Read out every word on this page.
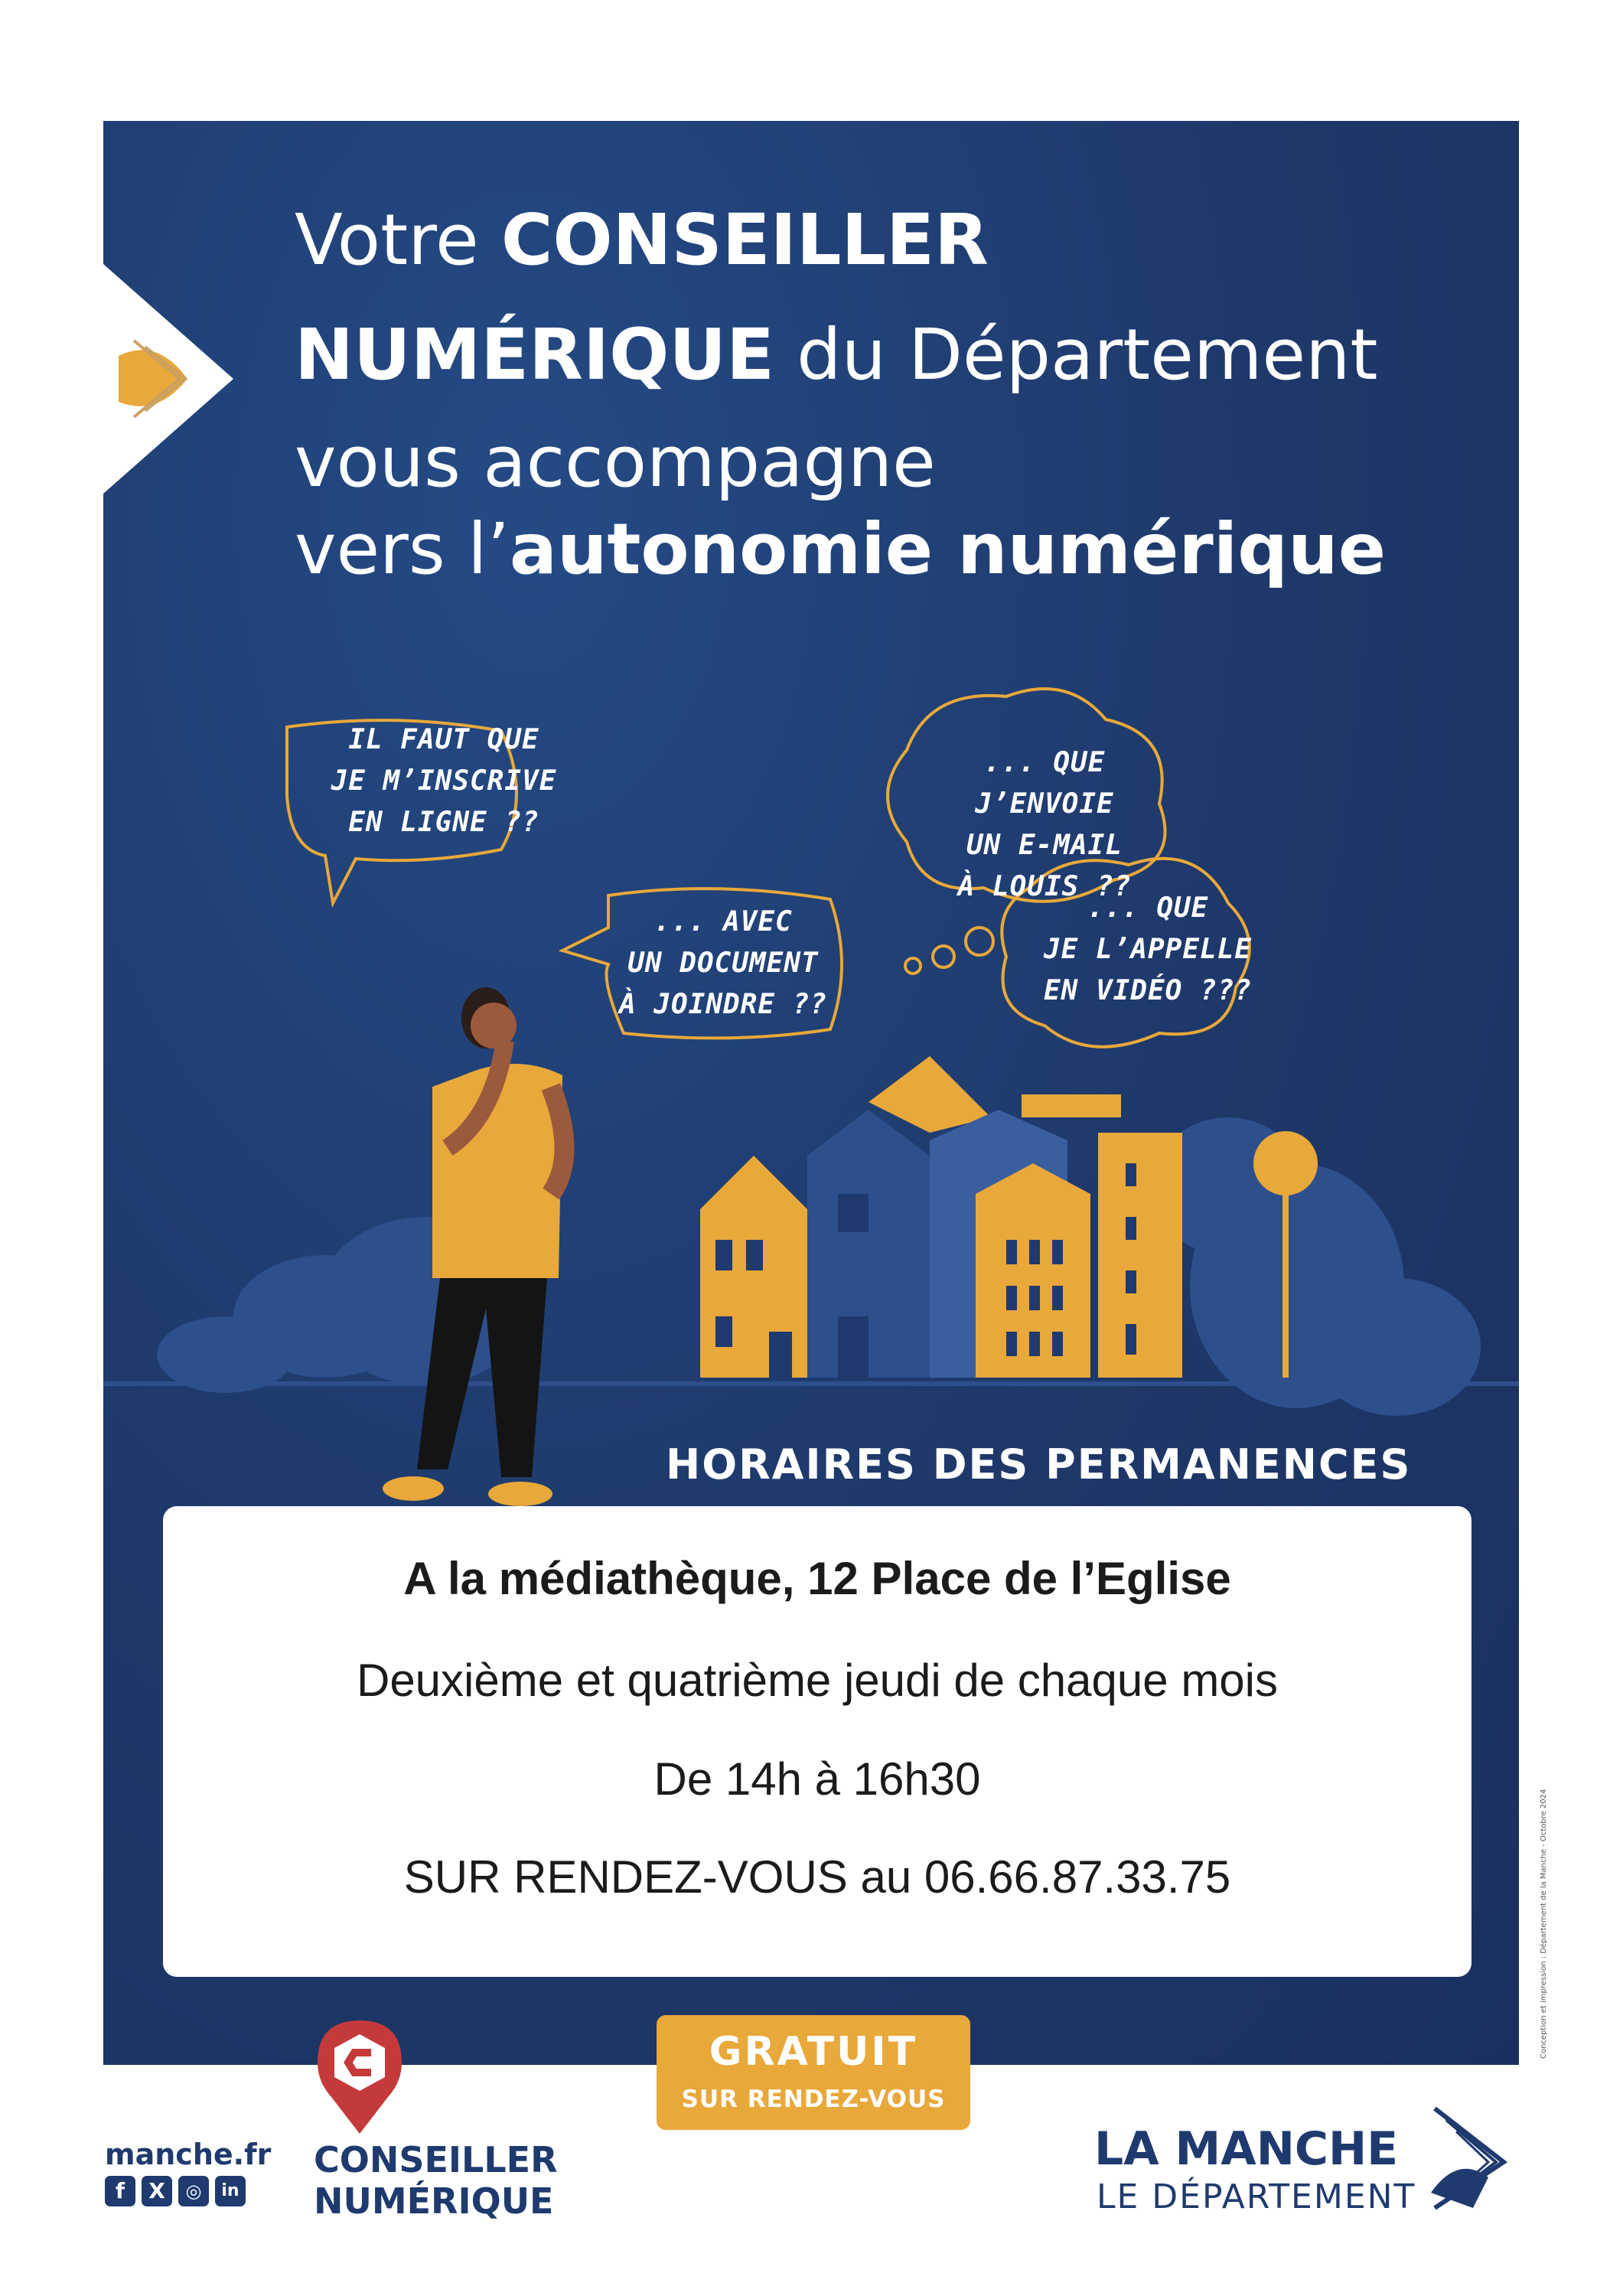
Votre CONSEILLER
NUMÉRIQUE du Département
vous accompagne
vers l’autonomie numérique
IL FAUT QUE
JE M’INSCRIVE
EN LIGNE ??
... AVEC
UN DOCUMENT
À JOINDRE ??
... QUE J’ENVOIE
UN E-MAIL
À LOUIS ??
... QUE
JE L’APPELLE
EN VIDÉO ???
HORAIRES DES PERMANENCES
A la médiathèque, 12 Place de l’Eglise
Deuxième et quatrième jeudi de chaque mois
De 14h à 16h30
SUR RENDEZ-VOUS au 06.66.87.33.75
GRATUIT
SUR RENDEZ-VOUS
manche.fr
f	X	◎	in
CONSEILLER
NUMÉRIQUE
LA MANCHE
LE DÉPARTEMENT
Conception et impression : Département de la Manche - Octobre 2024
